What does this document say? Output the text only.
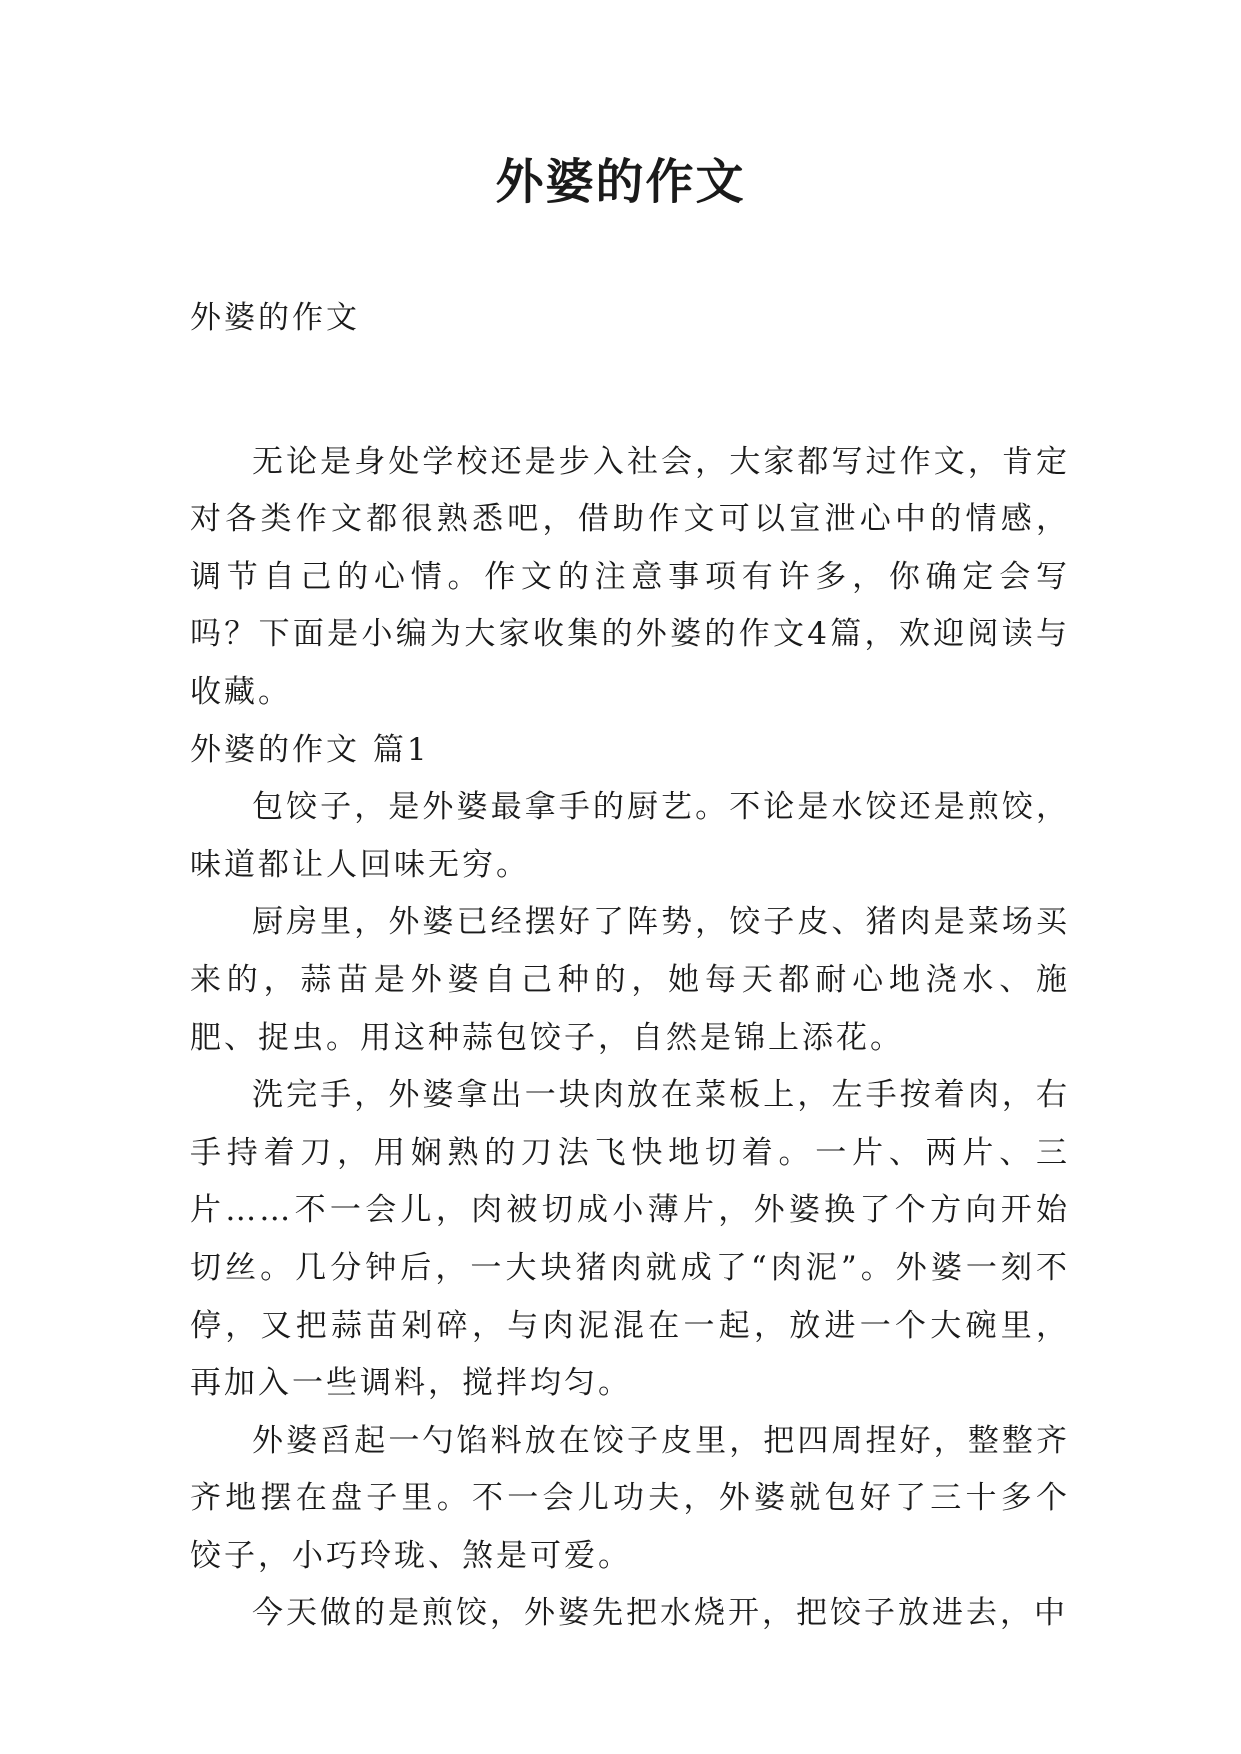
外婆的作文

外婆的作文

无论是身处学校还是步入社会，大家都写过作文，肯定对各类作文都很熟悉吧，借助作文可以宣泄心中的情感，调节自己的心情。作文的注意事项有许多，你确定会写吗？下面是小编为大家收集的外婆的作文4篇，欢迎阅读与收藏。

外婆的作文 篇1

包饺子，是外婆最拿手的厨艺。不论是水饺还是煎饺，味道都让人回味无穷。

厨房里，外婆已经摆好了阵势，饺子皮、猪肉是菜场买来的，蒜苗是外婆自己种的，她每天都耐心地浇水、施肥、捉虫。用这种蒜包饺子，自然是锦上添花。

洗完手，外婆拿出一块肉放在菜板上，左手按着肉，右手持着刀，用娴熟的刀法飞快地切着。一片、两片、三片……不一会儿，肉被切成小薄片，外婆换了个方向开始切丝。几分钟后，一大块猪肉就成了“肉泥”。外婆一刻不停，又把蒜苗剁碎，与肉泥混在一起，放进一个大碗里，再加入一些调料，搅拌均匀。

外婆舀起一勺馅料放在饺子皮里，把四周捏好，整整齐齐地摆在盘子里。不一会儿功夫，外婆就包好了三十多个饺子，小巧玲珑、煞是可爱。

今天做的是煎饺，外婆先把水烧开，把饺子放进去，中
